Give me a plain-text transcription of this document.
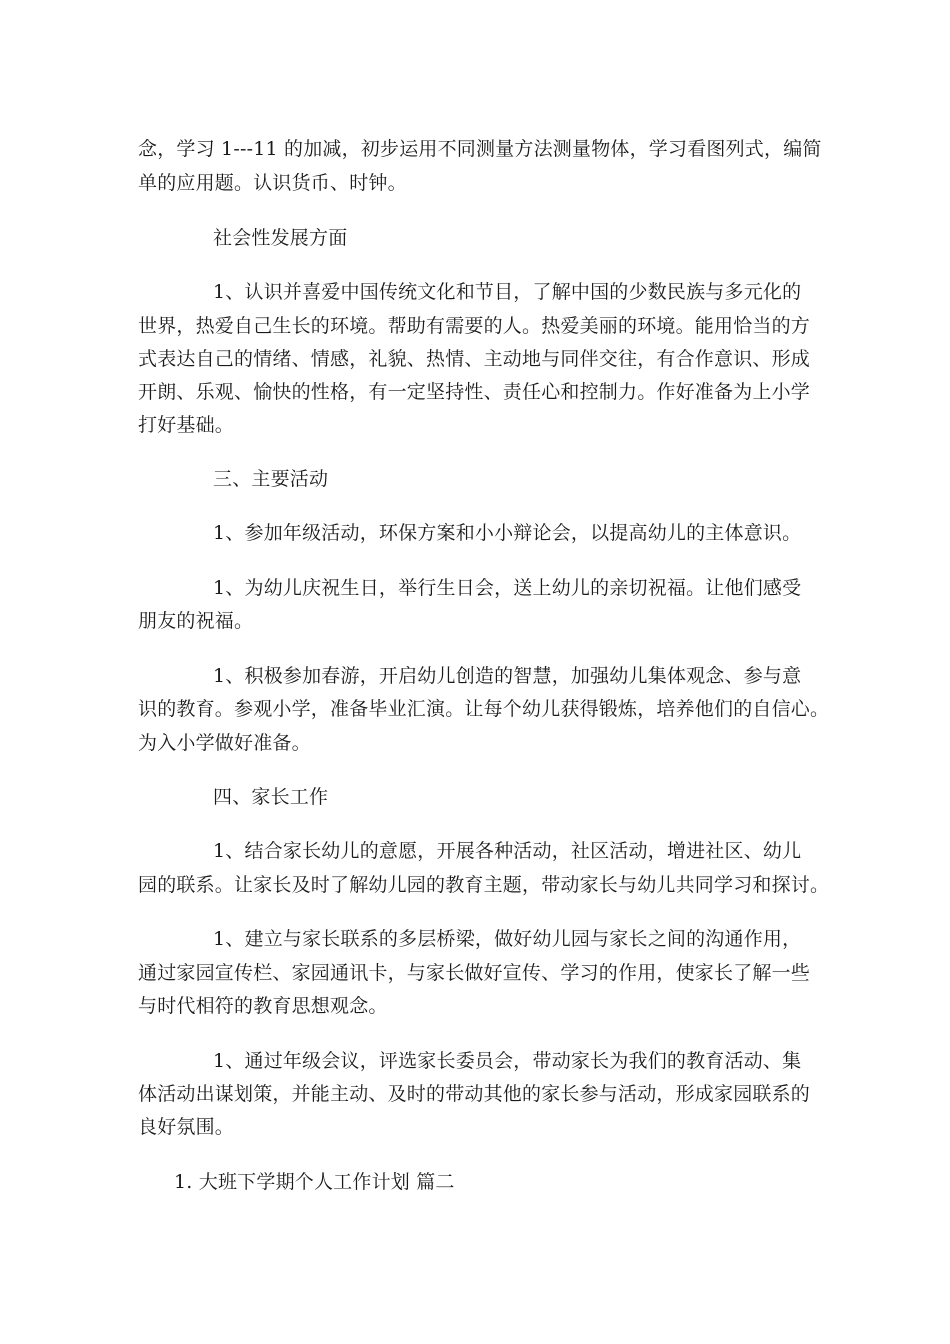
念，学习 1---11 的加减，初步运用不同测量方法测量物体，学习看图列式，编简
单的应用题。认识货币、时钟。
社会性发展方面
1、认识并喜爱中国传统文化和节目，了解中国的少数民族与多元化的
世界，热爱自己生长的环境。帮助有需要的人。热爱美丽的环境。能用恰当的方
式表达自己的情绪、情感，礼貌、热情、主动地与同伴交往，有合作意识、形成
开朗、乐观、愉快的性格，有一定坚持性、责任心和控制力。作好准备为上小学
打好基础。
三、主要活动
1、参加年级活动，环保方案和小小辩论会，以提高幼儿的主体意识。
1、为幼儿庆祝生日，举行生日会，送上幼儿的亲切祝福。让他们感受
朋友的祝福。
1、积极参加春游，开启幼儿创造的智慧，加强幼儿集体观念、参与意
识的教育。参观小学，准备毕业汇演。让每个幼儿获得锻炼，培养他们的自信心。
为入小学做好准备。
四、家长工作
1、结合家长幼儿的意愿，开展各种活动，社区活动，增进社区、幼儿
园的联系。让家长及时了解幼儿园的教育主题，带动家长与幼儿共同学习和探讨。
1、建立与家长联系的多层桥梁，做好幼儿园与家长之间的沟通作用，
通过家园宣传栏、家园通讯卡，与家长做好宣传、学习的作用，使家长了解一些
与时代相符的教育思想观念。
1、通过年级会议，评选家长委员会，带动家长为我们的教育活动、集
体活动出谋划策，并能主动、及时的带动其他的家长参与活动，形成家园联系的
良好氛围。
1. 大班下学期个人工作计划 篇二
